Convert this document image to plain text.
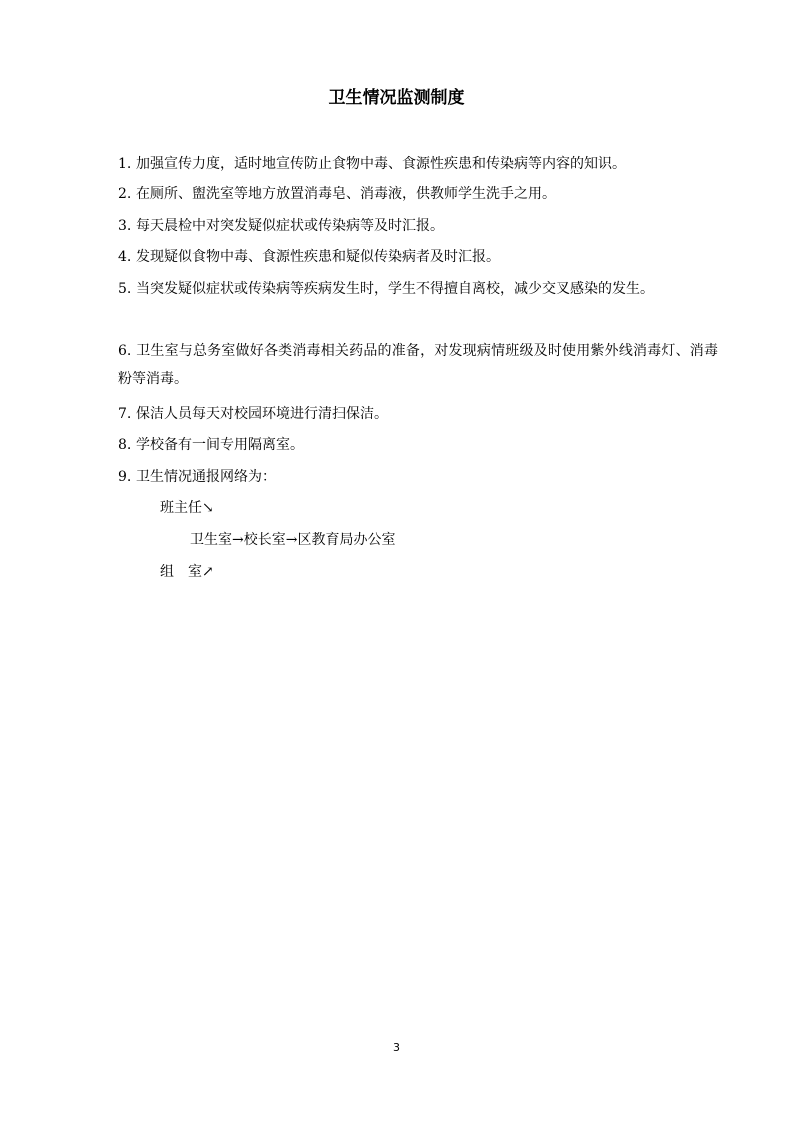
卫生情况监测制度

1. 加强宣传力度，适时地宣传防止食物中毒、食源性疾患和传染病等内容的知识。

2. 在厕所、盥洗室等地方放置消毒皂、消毒液，供教师学生洗手之用。

3. 每天晨检中对突发疑似症状或传染病等及时汇报。

4. 发现疑似食物中毒、食源性疾患和疑似传染病者及时汇报。

5. 当突发疑似症状或传染病等疾病发生时，学生不得擅自离校，减少交叉感染的发生。

6. 卫生室与总务室做好各类消毒相关药品的准备，对发现病情班级及时使用紫外线消毒灯、消毒粉等消毒。

7. 保洁人员每天对校园环境进行清扫保洁。

8. 学校备有一间专用隔离室。

9. 卫生情况通报网络为：

班主任↘

卫生室→校长室→区教育局办公室

组　室↗

3
